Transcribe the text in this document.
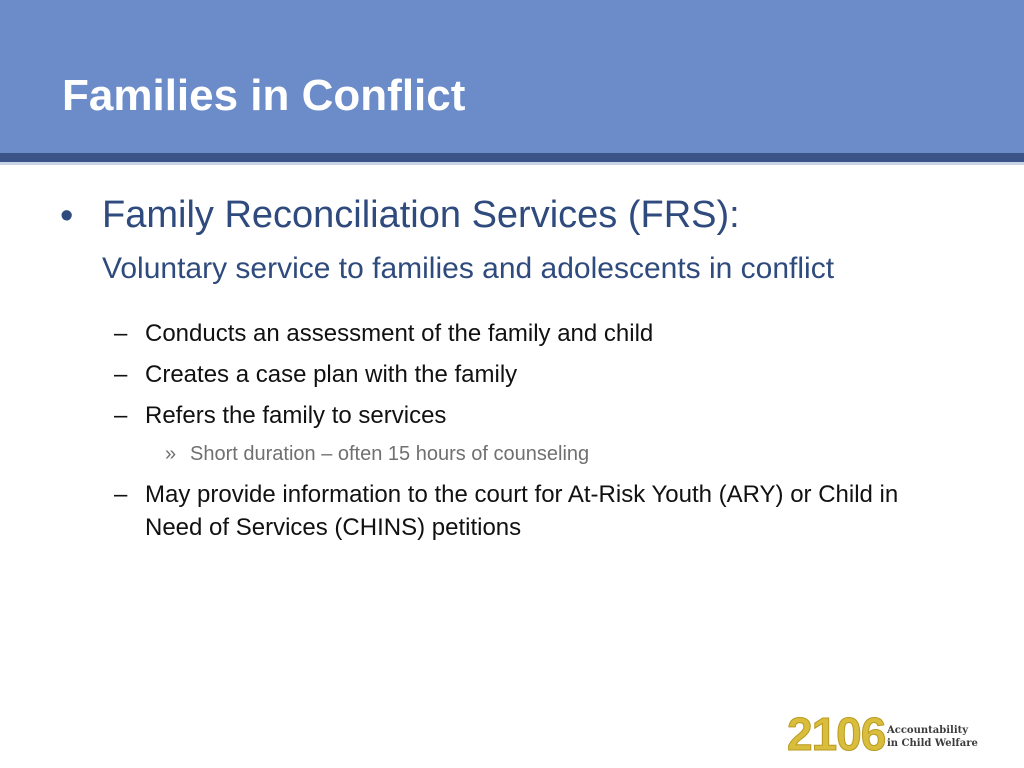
Families in Conflict
• Family Reconciliation Services (FRS):
Voluntary service to families and adolescents in conflict
– Conducts an assessment of the family and child
– Creates a case plan with the family
– Refers the family to services
» Short duration – often 15 hours of counseling
– May provide information to the court for At-Risk Youth (ARY) or Child in Need of Services (CHINS) petitions
2106 Accountability
in Child Welfare
